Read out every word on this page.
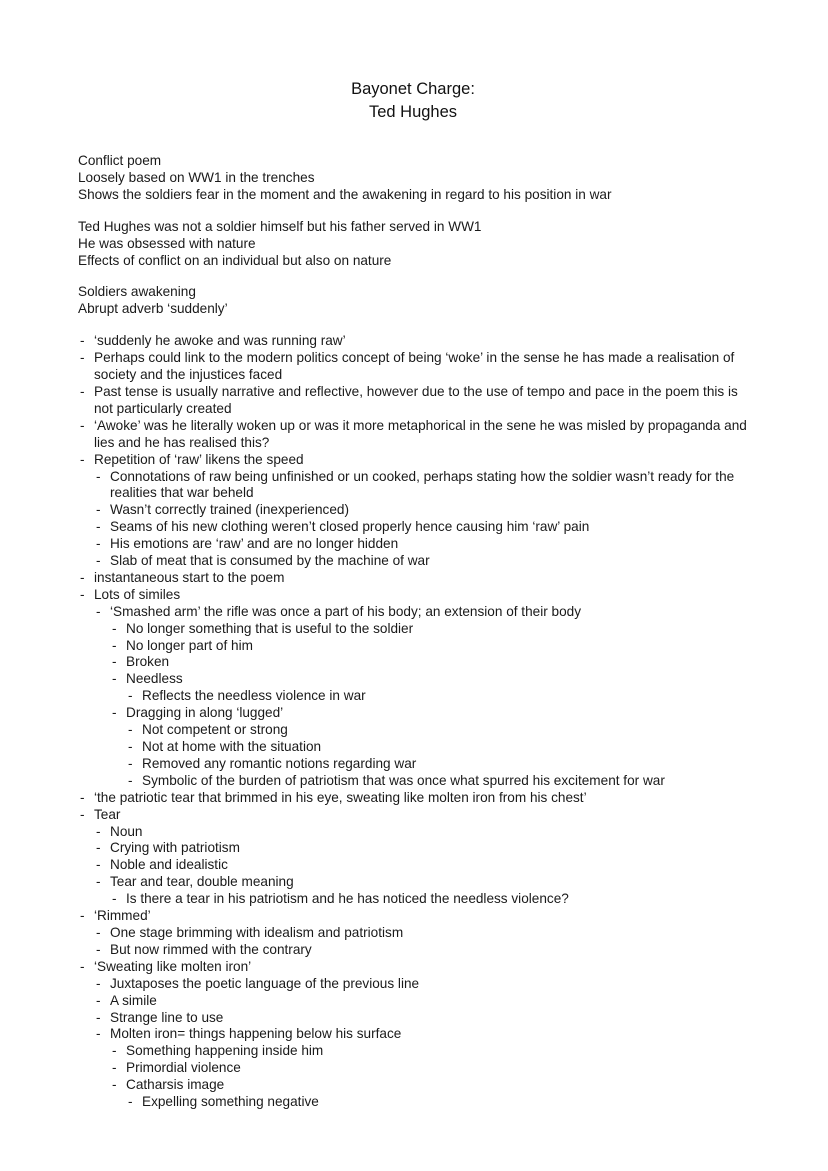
Bayonet Charge:
Ted Hughes

Conflict poem

Loosely based on WW1 in the trenches

Shows the soldiers fear in the moment and the awakening in regard to his position in war

Ted Hughes was not a soldier himself but his father served in WW1

He was obsessed with nature

Effects of conflict on an individual but also on nature

Soldiers awakening

Abrupt adverb ‘suddenly’

- ‘suddenly he awoke and was running raw’
- Perhaps could link to the modern politics concept of being ‘woke’ in the sense he has made a realisation of society and the injustices faced
- Past tense is usually narrative and reflective, however due to the use of tempo and pace in the poem this is not particularly created
- ‘Awoke’ was he literally woken up or was it more metaphorical in the sene he was misled by propaganda and lies and he has realised this?
- Repetition of ‘raw’ likens the speed
- Connotations of raw being unfinished or un cooked, perhaps stating how the soldier wasn’t ready for the realities that war beheld
- Wasn’t correctly trained (inexperienced)
- Seams of his new clothing weren’t closed properly hence causing him ‘raw’ pain
- His emotions are ‘raw’ and are no longer hidden
- Slab of meat that is consumed by the machine of war
- instantaneous start to the poem
- Lots of similes
- ‘Smashed arm’ the rifle was once a part of his body; an extension of their body
- No longer something that is useful to the soldier
- No longer part of him
- Broken
- Needless
- Reflects the needless violence in war
- Dragging in along ‘lugged’
- Not competent or strong
- Not at home with the situation
- Removed any romantic notions regarding war
- Symbolic of the burden of patriotism that was once what spurred his excitement for war
- ‘the patriotic tear that brimmed in his eye, sweating like molten iron from his chest’
- Tear
- Noun
- Crying with patriotism
- Noble and idealistic
- Tear and tear, double meaning
- Is there a tear in his patriotism and he has noticed the needless violence?
- ‘Rimmed’
- One stage brimming with idealism and patriotism
- But now rimmed with the contrary
- ‘Sweating like molten iron’
- Juxtaposes the poetic language of the previous line
- A simile
- Strange line to use
- Molten iron= things happening below his surface
- Something happening inside him
- Primordial violence
- Catharsis image
- Expelling something negative
